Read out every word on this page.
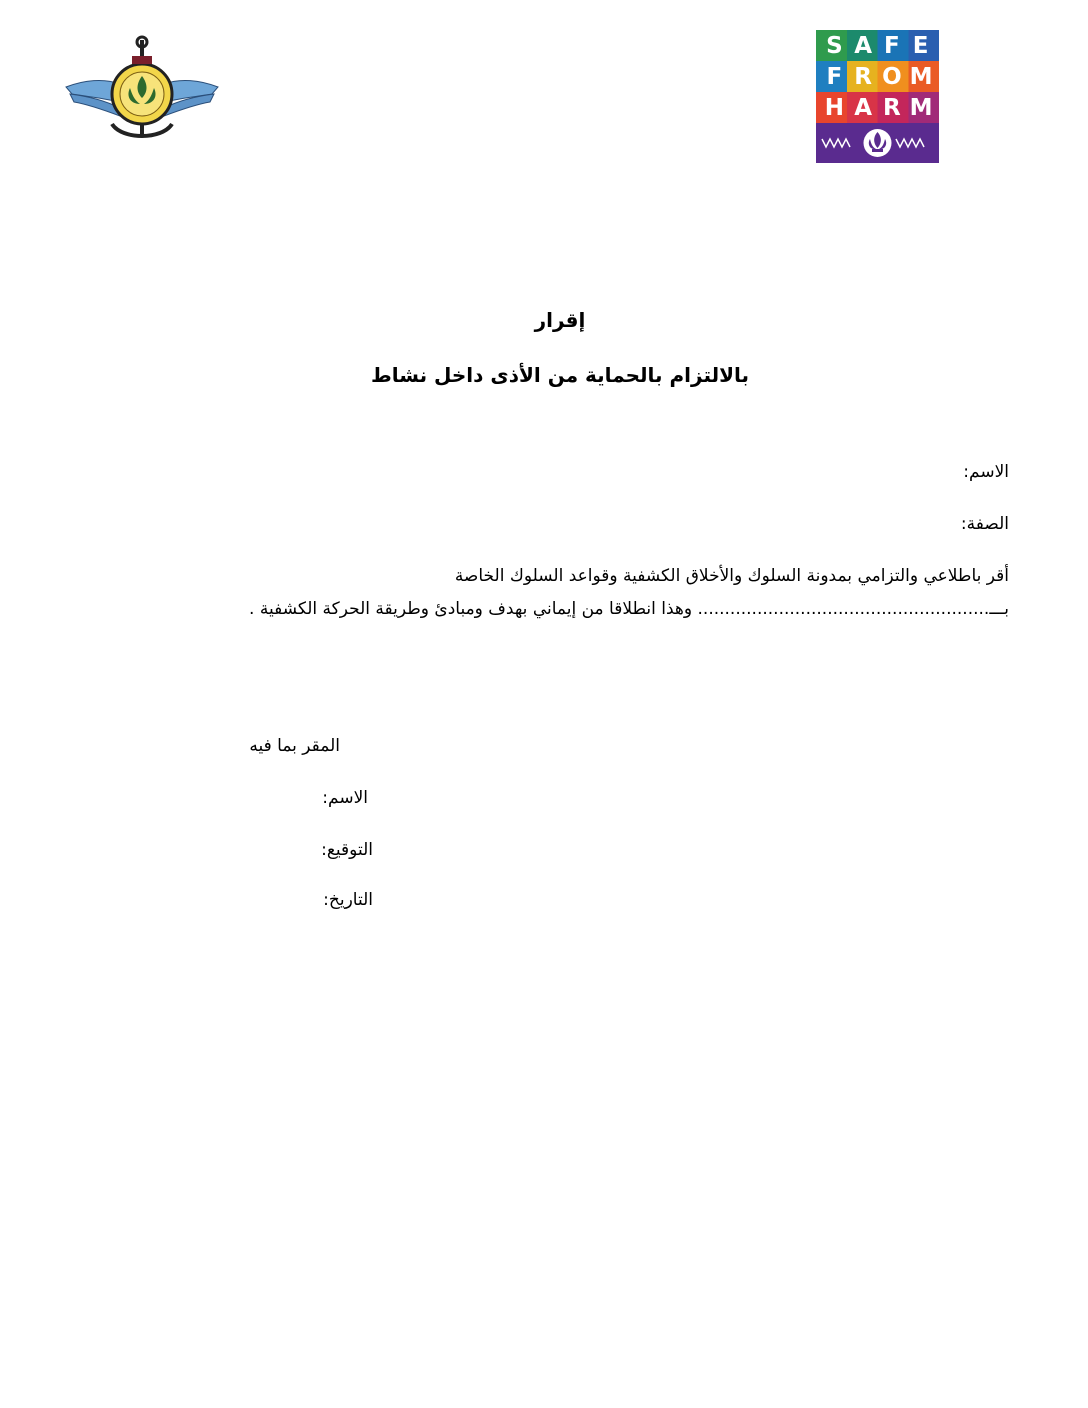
S A F E
F R O M
H A R M
إقرار
بالالتزام بالحماية من الأذى داخل نشاط
الاسم:
الصفة:
أقر باطلاعي والتزامي بمدونة السلوك والأخلاق الكشفية وقواعد السلوك الخاصة
بـــ...................................................... وهذا انطلاقا من إيماني بهدف ومبادئ وطريقة الحركة الكشفية .
المقر بما فيه
الاسم:
التوقيع:
التاريخ:
